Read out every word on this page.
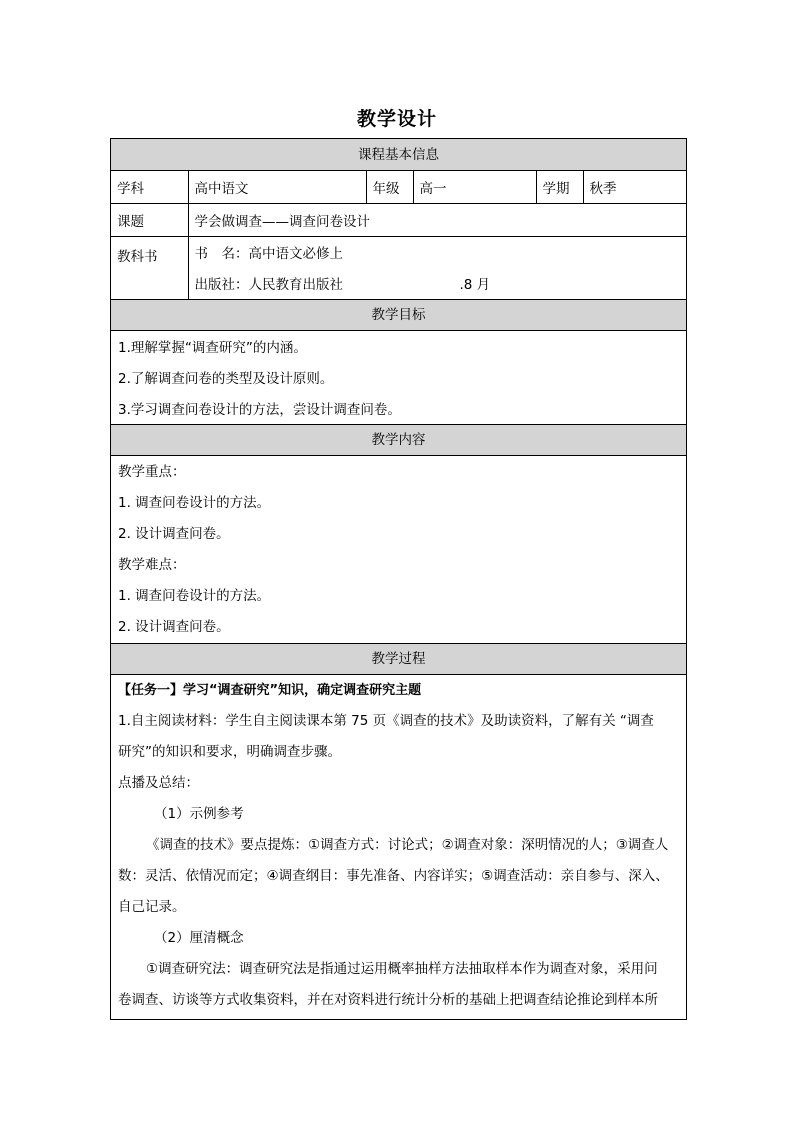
教学设计
课程基本信息
学科	高中语文	年级	高一	学期	秋季
课题	学会做调查——调查问卷设计				
教科书	书　名：高中语文必修上
出版社：人民教育出版社 .8 月				
教学目标
1.理解掌握“调查研究”的内涵。
2.了解调查问卷的类型及设计原则。
3.学习调查问卷设计的方法，尝设计调查问卷。
教学内容
教学重点：
1. 调查问卷设计的方法。
2. 设计调查问卷。
教学难点：
1. 调查问卷设计的方法。
2. 设计调查问卷。
教学过程
【任务一】学习“调查研究”知识，确定调查研究主题
1.自主阅读材料：学生自主阅读课本第 75 页《调查的技术》及助读资料，了解有关 “调查
研究”的知识和要求，明确调查步骤。
点播及总结：
（1）示例参考
《调查的技术》要点提炼：①调查方式：讨论式；②调查对象：深明情况的人；③调查人
数：灵活、依情况而定；④调查纲目：事先准备、内容详实；⑤调查活动：亲自参与、深入、
自己记录。
（2）厘清概念
①调查研究法：调查研究法是指通过运用概率抽样方法抽取样本作为调查对象，采用问
卷调查、访谈等方式收集资料，并在对资料进行统计分析的基础上把调查结论推论到样本所
